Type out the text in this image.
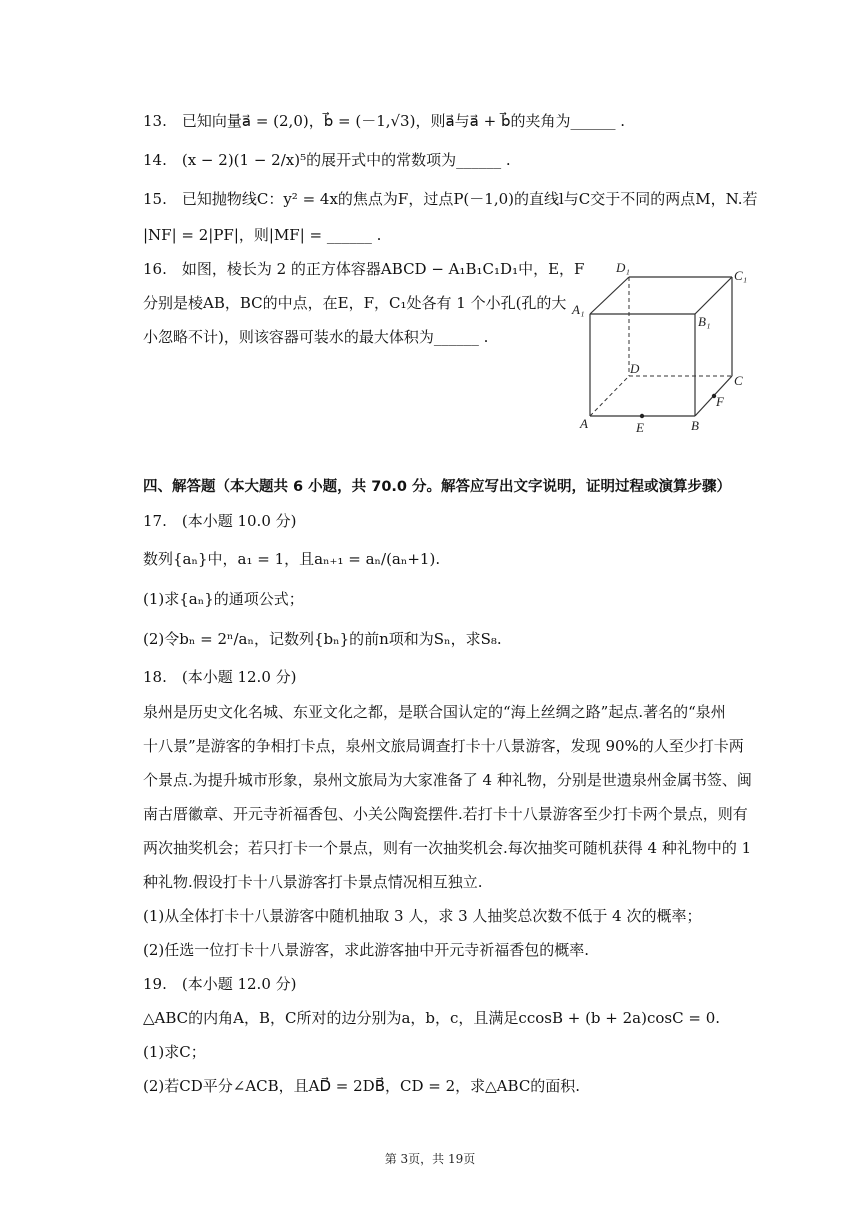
13.　已知向量a⃗ = (2,0)，b⃗ = (－1,√3)，则a⃗与a⃗ + b⃗的夹角为______ .
14.　(x − 2)(1 − 2/x)⁵的展开式中的常数项为______ .
15.　已知抛物线C：y² = 4x的焦点为F，过点P(－1,0)的直线l与C交于不同的两点M，N.若
|NF| = 2|PF|，则|MF| = ______ .
16.　如图，棱长为 2 的正方体容器ABCD − A₁B₁C₁D₁中，E，F
分别是棱AB，BC的中点，在E，F，C₁处各有 1 个小孔(孔的大
小忽略不计)，则该容器可装水的最大体积为______ .
D₁
C₁
A₁
B₁
D
C
A	B
E
F
四、解答题（本大题共 6 小题，共 70.0 分。解答应写出文字说明，证明过程或演算步骤）
17.　(本小题 10.0 分)
数列{aₙ}中，a₁ = 1，且aₙ₊₁ = aₙ/(aₙ+1).
(1)求{aₙ}的通项公式；
(2)令bₙ = 2ⁿ/aₙ，记数列{bₙ}的前n项和为Sₙ，求S₈.
18.　(本小题 12.0 分)
泉州是历史文化名城、东亚文化之都，是联合国认定的“海上丝绸之路”起点.著名的“泉州
十八景”是游客的争相打卡点，泉州文旅局调查打卡十八景游客，发现 90%的人至少打卡两
个景点.为提升城市形象，泉州文旅局为大家准备了 4 种礼物，分别是世遗泉州金属书签、闽
南古厝徽章、开元寺祈福香包、小关公陶瓷摆件.若打卡十八景游客至少打卡两个景点，则有
两次抽奖机会；若只打卡一个景点，则有一次抽奖机会.每次抽奖可随机获得 4 种礼物中的 1
种礼物.假设打卡十八景游客打卡景点情况相互独立.
(1)从全体打卡十八景游客中随机抽取 3 人，求 3 人抽奖总次数不低于 4 次的概率；
(2)任选一位打卡十八景游客，求此游客抽中开元寺祈福香包的概率.
19.　(本小题 12.0 分)
△ABC的内角A，B，C所对的边分别为a，b，c，且满足ccosB + (b + 2a)cosC = 0.
(1)求C；
(2)若CD平分∠ACB，且AD⃗ = 2DB⃗，CD = 2，求△ABC的面积.
第 3页，共 19页
